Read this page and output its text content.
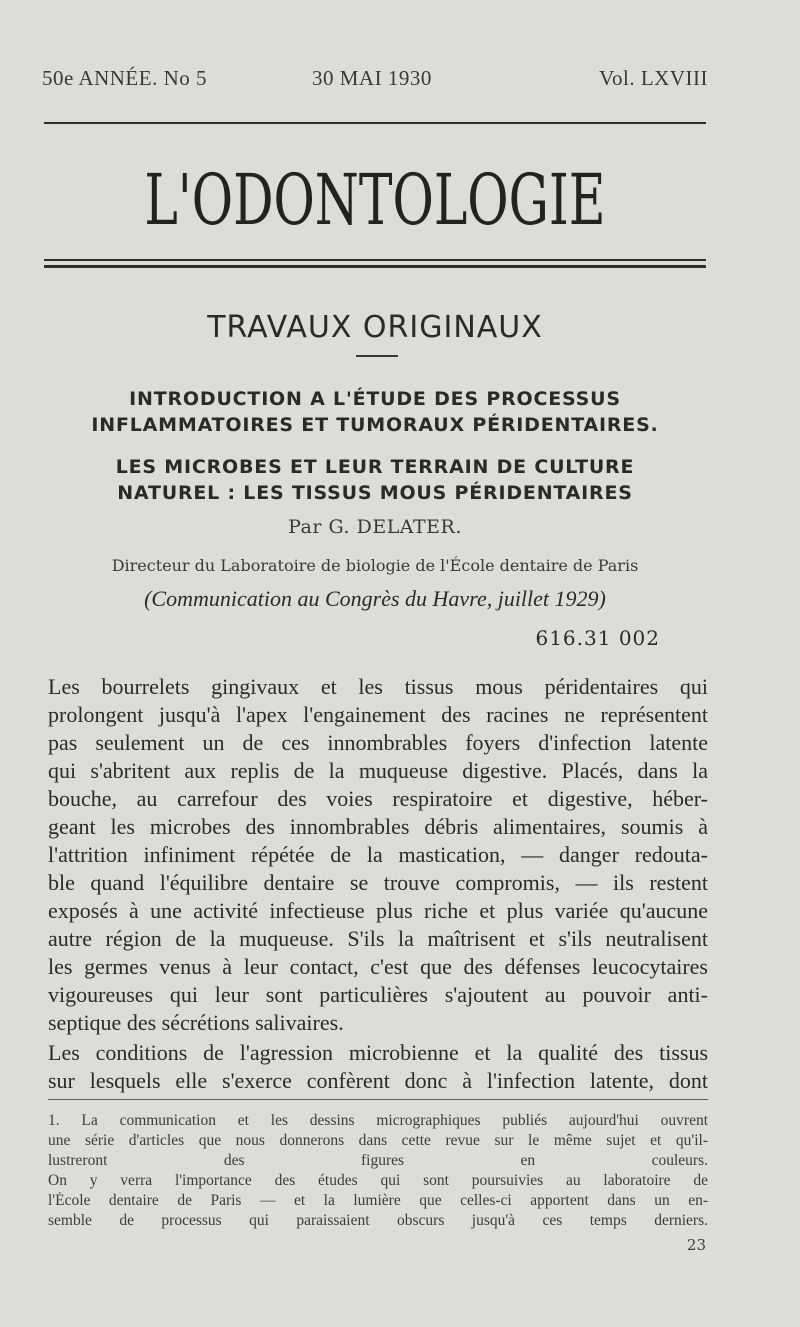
50e ANNÉE. No 5	30 MAI 1930	Vol. LXVIII
L'ODONTOLOGIE
TRAVAUX ORIGINAUX
INTRODUCTION A L'ÉTUDE DES PROCESSUS
INFLAMMATOIRES ET TUMORAUX PÉRIDENTAIRES.
LES MICROBES ET LEUR TERRAIN DE CULTURE
NATUREL : LES TISSUS MOUS PÉRIDENTAIRES
Par G. DELATER.
Directeur du Laboratoire de biologie de l'École dentaire de Paris
(Communication au Congrès du Havre, juillet 1929)
616.31 002
Les bourrelets gingivaux et les tissus mous péridentaires qui
prolongent jusqu'à l'apex l'engainement des racines ne représentent
pas seulement un de ces innombrables foyers d'infection latente
qui s'abritent aux replis de la muqueuse digestive. Placés, dans la
bouche, au carrefour des voies respiratoire et digestive, héber-
geant les microbes des innombrables débris alimentaires, soumis à
l'attrition infiniment répétée de la mastication, — danger redouta-
ble quand l'équilibre dentaire se trouve compromis, — ils restent
exposés à une activité infectieuse plus riche et plus variée qu'aucune
autre région de la muqueuse. S'ils la maîtrisent et s'ils neutralisent
les germes venus à leur contact, c'est que des défenses leucocytaires
vigoureuses qui leur sont particulières s'ajoutent au pouvoir anti-
septique des sécrétions salivaires.
Les conditions de l'agression microbienne et la qualité des tissus
sur lesquels elle s'exerce confèrent donc à l'infection latente, dont
1. La communication et les dessins micrographiques publiés aujourd'hui ouvrent
une série d'articles que nous donnerons dans cette revue sur le même sujet et qu'il-
lustreront des figures en couleurs.
On y verra l'importance des études qui sont poursuivies au laboratoire de
l'École dentaire de Paris — et la lumière que celles-ci apportent dans un en-
semble de processus qui paraissaient obscurs jusqu'à ces temps derniers.
23
